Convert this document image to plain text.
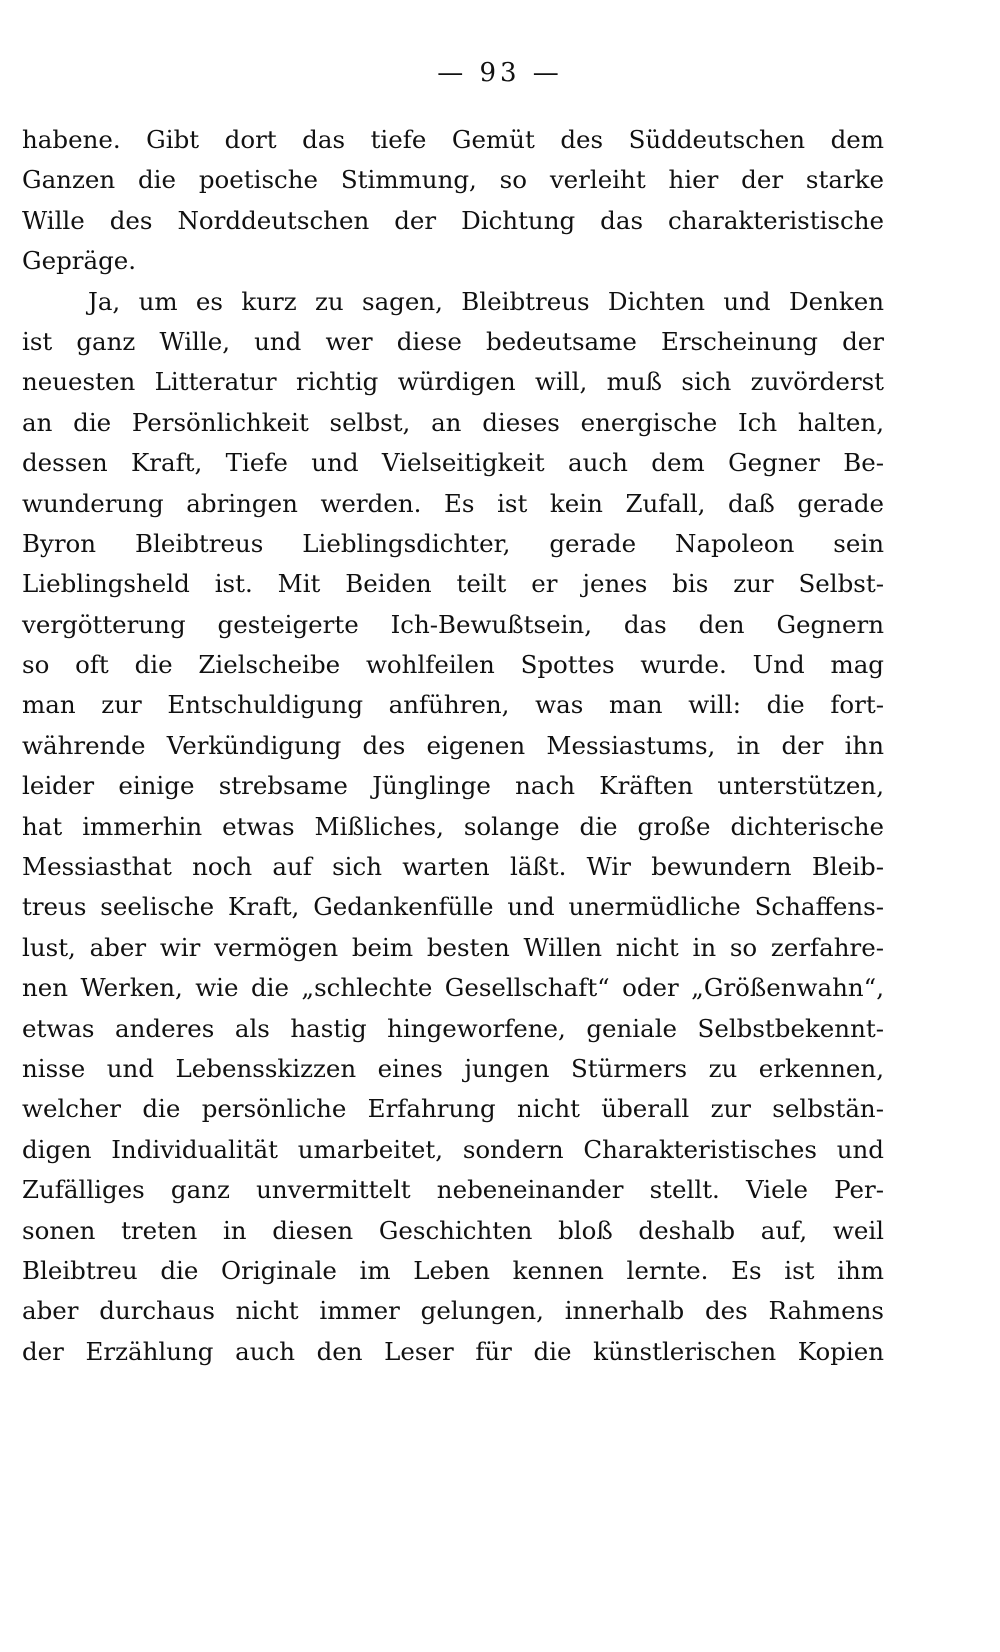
— 93 —
habene. Gibt dort das tiefe Gemüt des Süddeutschen dem
Ganzen die poetische Stimmung, so verleiht hier der starke
Wille des Norddeutschen der Dichtung das charakteristische
Gepräge.
Ja, um es kurz zu sagen, Bleibtreus Dichten und Denken
ist ganz Wille, und wer diese bedeutsame Erscheinung der
neuesten Litteratur richtig würdigen will, muß sich zuvörderst
an die Persönlichkeit selbst, an dieses energische Ich halten,
dessen Kraft, Tiefe und Vielseitigkeit auch dem Gegner Be-
wunderung abringen werden. Es ist kein Zufall, daß gerade
Byron Bleibtreus Lieblingsdichter, gerade Napoleon sein
Lieblingsheld ist. Mit Beiden teilt er jenes bis zur Selbst-
vergötterung gesteigerte Ich-Bewußtsein, das den Gegnern
so oft die Zielscheibe wohlfeilen Spottes wurde. Und mag
man zur Entschuldigung anführen, was man will: die fort-
währende Verkündigung des eigenen Messiastums, in der ihn
leider einige strebsame Jünglinge nach Kräften unterstützen,
hat immerhin etwas Mißliches, solange die große dichterische
Messiasthat noch auf sich warten läßt. Wir bewundern Bleib-
treus seelische Kraft, Gedankenfülle und unermüdliche Schaffens-
lust, aber wir vermögen beim besten Willen nicht in so zerfahre-
nen Werken, wie die „schlechte Gesellschaft“ oder „Größenwahn“,
etwas anderes als hastig hingeworfene, geniale Selbstbekennt-
nisse und Lebensskizzen eines jungen Stürmers zu erkennen,
welcher die persönliche Erfahrung nicht überall zur selbstän-
digen Individualität umarbeitet, sondern Charakteristisches und
Zufälliges ganz unvermittelt nebeneinander stellt. Viele Per-
sonen treten in diesen Geschichten bloß deshalb auf, weil
Bleibtreu die Originale im Leben kennen lernte. Es ist ihm
aber durchaus nicht immer gelungen, innerhalb des Rahmens
der Erzählung auch den Leser für die künstlerischen Kopien
